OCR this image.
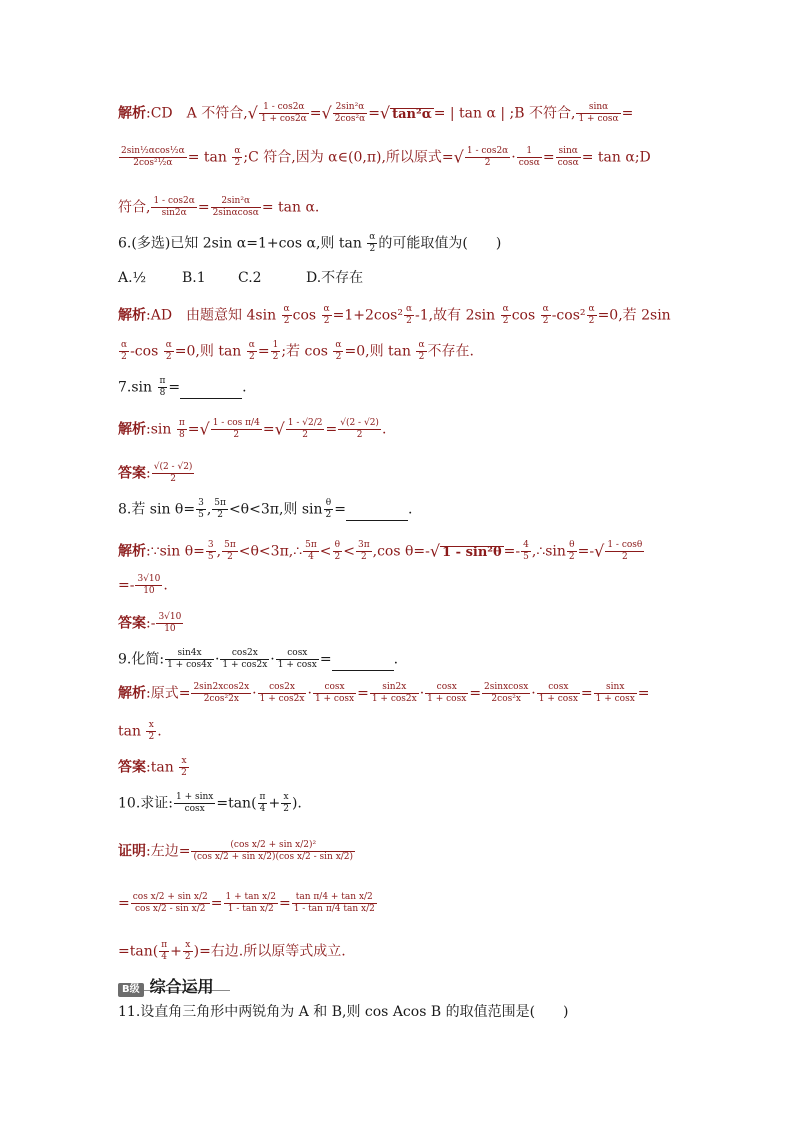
解析:CD　A 不符合,√ $\frac{1 - \cos 2\alpha}{1 + \cos 2\alpha}$ =√ $\frac{\text{2sin²α}}{\text{2cos²α}}$ =√ tan²α = | tan α | ;B 不符合, $\frac{\sin\alpha}{1 + \cos\alpha}$ =
$\frac{\text{2sin½αcos½α}}{\text{2cos²½α}} = \tan \frac{\alpha}{2}$ ;C 符合,因为 α∈(0,π),所以原式=√ $\frac{1 - \cos 2\alpha}{2} \cdot \frac{1}{\cos\alpha} = \frac{\sin\alpha}{\cos\alpha} = \tan$ α;D
符合, $\frac{1 - \cos 2\alpha}{\sin 2\alpha} = \frac{\text{2sin²α}}{2\sin\alpha\cos\alpha} = \tan \alpha$.
6.(多选)已知 2sin α=1+cos α,则 $\tan \frac{\alpha}{2}$ 的可能取值为(　　)
A.½	B.1 C.2	D.不存在
解析:AD　由题意知 $4\sin \frac{\alpha}{2}$ $\cos \frac{\alpha}{2} =1+2\cos^2 \frac{\alpha}{2} -1$,故有 $2\sin \frac{\alpha}{2}$ $\cos \frac{\alpha}{2} -\cos^2 \frac{\alpha}{2} =0$,若 2sin
$\frac{\alpha}{2} -\cos \frac{\alpha}{2} =0$,则 $\tan \frac{\alpha}{2} = \frac{1}{2}$ ;若 $\cos \frac{\alpha}{2} =0$,则 $\tan \frac{\alpha}{2}$ 不存在.
$7.\sin \frac{\pi}{8}$ =	.
解析:sin $\frac{\pi}{8}$ =√ $\frac{\text{1 - cos π/4}}{2}$ =√ $\frac{1 - √2/2}{2} = \frac{√(2 - √2)}{2}$ .
答案: $\frac{√(2 - √2)}{2}$
8.若 $\sin \theta= \frac{3}{5}$ , $\frac{5\pi}{2} <\theta<3\pi$,则 $\sin \frac{\theta}{2}$ =	.
解析:∵sin $\theta= \frac{3}{5}$ , $\frac{5\pi}{2}$ <θ<3π,∴ $\frac{5\pi}{4} < \frac{\theta}{2} < \frac{3\pi}{2} ,\cos$ θ=-√ $1 - \sin^2\theta =- \frac{4}{5}$ ,∴sin $\frac{\theta}{2}$ =-√ $\frac{1 - \cos\theta}{2}$
=- $\frac{3√10}{10}$ .
答案:- $\frac{3√10}{10}$
9.化简: $\frac{\sin 4x}{1 + \cos 4x} \cdot \frac{\cos 2x}{1 + \cos 2x} \cdot \frac{\cos x}{1 + \cos x}$ =	.
解析:原式= $\frac{2\sin 2xcos2x}{\text{2cos²2x}} \cdot \frac{\cos 2x}{1 + \cos 2x} \cdot \frac{\cos x}{1 + \cos x} = \frac{\sin 2x}{1 + \cos 2x} \cdot \frac{\cos x}{1 + \cos x} = \frac{\text{2sinxcosx}}{\text{2cos²x}} \cdot \frac{\cos x}{1 + \cos x} = \frac{\sin x}{1 + \cos x}$ =
$\tan \frac{x}{2}$ .
答案:tan $\frac{x}{2}$
10.求证: $\frac{1 + \sin x}{\cos x} =\tan( \frac{\pi}{4} + \frac{x}{2}$ ).
证明:左边= $\frac{\text{(cos x/2 + sin x/2)²}}{\text{(cos x/2 + sin x/2)(cos x/2 - sin x/2)}}$
= $\frac{\text{cos x/2 + sin x/2}}{\text{cos x/2 - sin x/2}} = \frac{\text{1 + tan x/2}}{\text{1 - tan x/2}} = \frac{\text{tan π/4 + tan x/2}}{\text{1 - tan π/4 tan x/2}}$
$=\tan( \frac{\pi}{4} + \frac{x}{2}$ )=右边.所以原等式成立.
B级 综合运用
11.设直角三角形中两锐角为 A 和 B,则 cos Acos B 的取值范围是(　　)
